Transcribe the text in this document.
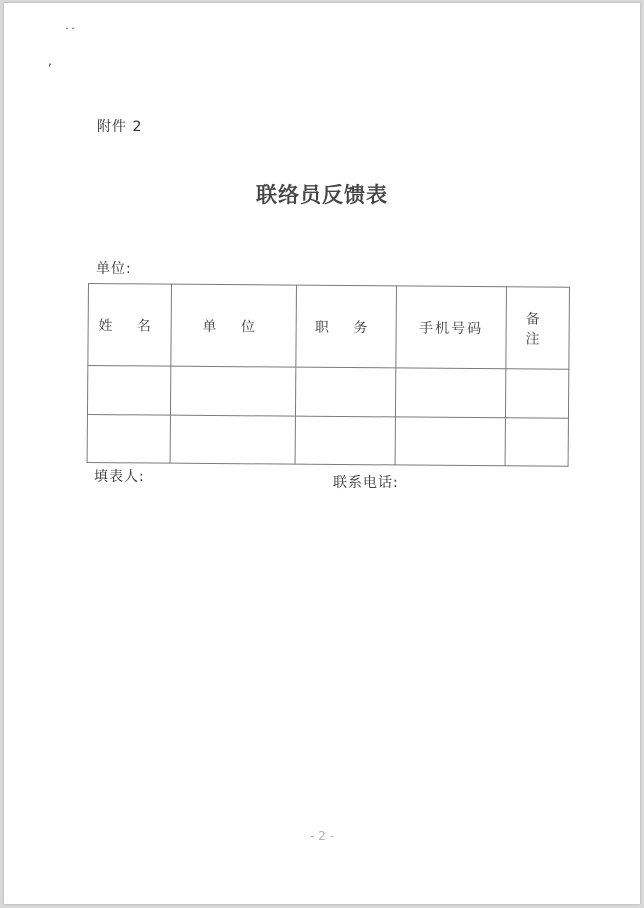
˙˙
,
附件 2
联络员反馈表
单位:
姓 名	单 位	职 务	手机号码	备 注

填表人:	联系电话:
- 2 -
